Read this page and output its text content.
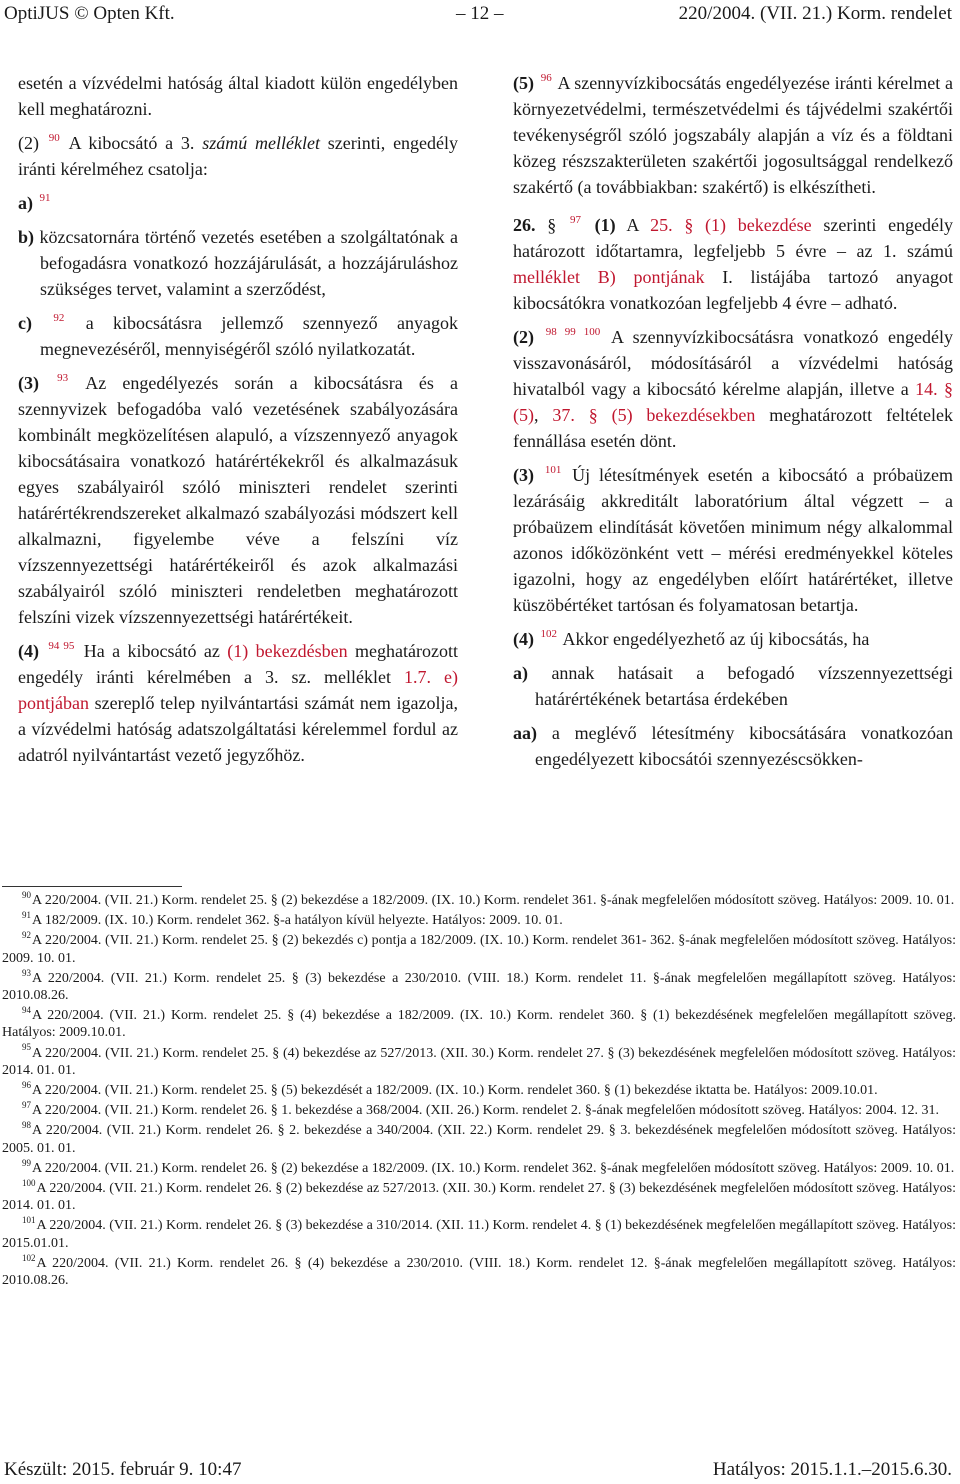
OptiJUS © Opten Kft.	– 12 –	220/2004. (VII. 21.) Korm. rendelet

esetén a vízvédelmi hatóság által kiadott külön engedélyben kell meghatározni.

(2) $^{90}$ A kibocsátó a 3. számú melléklet szerinti, engedély iránti kérelméhez csatolja:

a) $^{91}$

b) közcsatornára történő vezetés esetében a szolgáltatónak a befogadásra vonatkozó hozzájárulását, a hozzájáruláshoz szükséges tervet, valamint a szerződést,

c) $^{92}$ a kibocsátásra jellemző szennyező anyagok megnevezéséről, mennyiségéről szóló nyilatkozatát.

(3) $^{93}$ Az engedélyezés során a kibocsátásra és a szennyvizek befogadóba való vezetésének szabályozására kombinált megközelítésen alapuló, a vízszennyező anyagok kibocsátásaira vonatkozó határértékekről és alkalmazásuk egyes szabályairól szóló miniszteri rendelet szerinti határértékrendszereket alkalmazó szabályozási módszert kell alkalmazni, figyelembe véve a felszíni víz vízszennyezettségi határértékeiről és azok alkalmazási szabályairól szóló miniszteri rendeletben meghatározott felszíni vizek vízszennyezettségi határértékeit.

(4) $^{94}$ $^{95}$ Ha a kibocsátó az (1) bekezdésben meghatározott engedély iránti kérelmében a 3. sz. melléklet 1.7. e) pontjában szereplő telep nyilvántartási számát nem igazolja, a vízvédelmi hatóság adatszolgáltatási kérelemmel fordul az adatról nyilvántartást vezető jegyzőhöz.

(5) $^{96}$ A szennyvízkibocsátás engedélyezése iránti kérelmet a környezetvédelmi, természetvédelmi és tájvédelmi szakértői tevékenységről szóló jogszabály alapján a víz és a földtani közeg részszakterületen szakértői jogosultsággal rendelkező szakértő (a továbbiakban: szakértő) is elkészítheti.

26. § $^{97}$ (1) A 25. § (1) bekezdése szerinti engedély határozott időtartamra, legfeljebb 5 évre – az 1. számú melléklet B) pontjának I. listájába tartozó anyagot kibocsátókra vonatkozóan legfeljebb 4 évre – adható.

(2) $^{98 99 100}$ A szennyvízkibocsátásra vonatkozó engedély visszavonásáról, módosításáról a vízvédelmi hatóság hivatalból vagy a kibocsátó kérelme alapján, illetve a 14. § (5), 37. § (5) bekezdésekben meghatározott feltételek fennállása esetén dönt.

(3) $^{101}$ Új létesítmények esetén a kibocsátó a próbaüzem lezárásáig akkreditált laboratórium által végzett – a próbaüzem elindítását követően minimum négy alkalommal azonos időközönként vett – mérési eredményekkel köteles igazolni, hogy az engedélyben előírt határértéket, illetve küszöbértéket tartósan és folyamatosan betartja.

(4) $^{102}$ Akkor engedélyezhető az új kibocsátás, ha

a) annak hatásait a befogadó vízszennyezettségi határértékének betartása érdekében

aa) a meglévő létesítmény kibocsátására vonatkozóan engedélyezett kibocsátói szennyezéscsökken-

$^{90}$A 220/2004. (VII. 21.) Korm. rendelet 25. § (2) bekezdése a 182/2009. (IX. 10.) Korm. rendelet 361. §-ának megfelelően módosított szöveg. Hatályos: 2009. 10. 01.

$^{91}$A 182/2009. (IX. 10.) Korm. rendelet 362. §-a hatályon kívül helyezte. Hatályos: 2009. 10. 01.

$^{92}$A 220/2004. (VII. 21.) Korm. rendelet 25. § (2) bekezdés c) pontja a 182/2009. (IX. 10.) Korm. rendelet 361- 362. §-ának megfelelően módosított szöveg. Hatályos: 2009. 10. 01.

$^{93}$A 220/2004. (VII. 21.) Korm. rendelet 25. § (3) bekezdése a 230/2010. (VIII. 18.) Korm. rendelet 11. §-ának megfelelően megállapított szöveg. Hatályos: 2010.08.26.

$^{94}$A 220/2004. (VII. 21.) Korm. rendelet 25. § (4) bekezdése a 182/2009. (IX. 10.) Korm. rendelet 360. § (1) bekezdésének megfelelően megállapított szöveg. Hatályos: 2009.10.01.

$^{95}$A 220/2004. (VII. 21.) Korm. rendelet 25. § (4) bekezdése az 527/2013. (XII. 30.) Korm. rendelet 27. § (3) bekezdésének megfelelően módosított szöveg. Hatályos: 2014. 01. 01.

$^{96}$A 220/2004. (VII. 21.) Korm. rendelet 25. § (5) bekezdését a 182/2009. (IX. 10.) Korm. rendelet 360. § (1) bekezdése iktatta be. Hatályos: 2009.10.01.

$^{97}$A 220/2004. (VII. 21.) Korm. rendelet 26. § 1. bekezdése a 368/2004. (XII. 26.) Korm. rendelet 2. §-ának megfelelően módosított szöveg. Hatályos: 2004. 12. 31.

$^{98}$A 220/2004. (VII. 21.) Korm. rendelet 26. § 2. bekezdése a 340/2004. (XII. 22.) Korm. rendelet 29. § 3. bekezdésének megfelelően módosított szöveg. Hatályos: 2005. 01. 01.

$^{99}$A 220/2004. (VII. 21.) Korm. rendelet 26. § (2) bekezdése a 182/2009. (IX. 10.) Korm. rendelet 362. §-ának megfelelően módosított szöveg. Hatályos: 2009. 10. 01.

$^{100}$A 220/2004. (VII. 21.) Korm. rendelet 26. § (2) bekezdése az 527/2013. (XII. 30.) Korm. rendelet 27. § (3) bekezdésének megfelelően módosított szöveg. Hatályos: 2014. 01. 01.

$^{101}$A 220/2004. (VII. 21.) Korm. rendelet 26. § (3) bekezdése a 310/2014. (XII. 11.) Korm. rendelet 4. § (1) bekezdésének megfelelően megállapított szöveg. Hatályos: 2015.01.01.

$^{102}$A 220/2004. (VII. 21.) Korm. rendelet 26. § (4) bekezdése a 230/2010. (VIII. 18.) Korm. rendelet 12. §-ának megfelelően megállapított szöveg. Hatályos: 2010.08.26.

Készült: 2015. február 9. 10:47	Hatályos: 2015.1.1.–2015.6.30.
